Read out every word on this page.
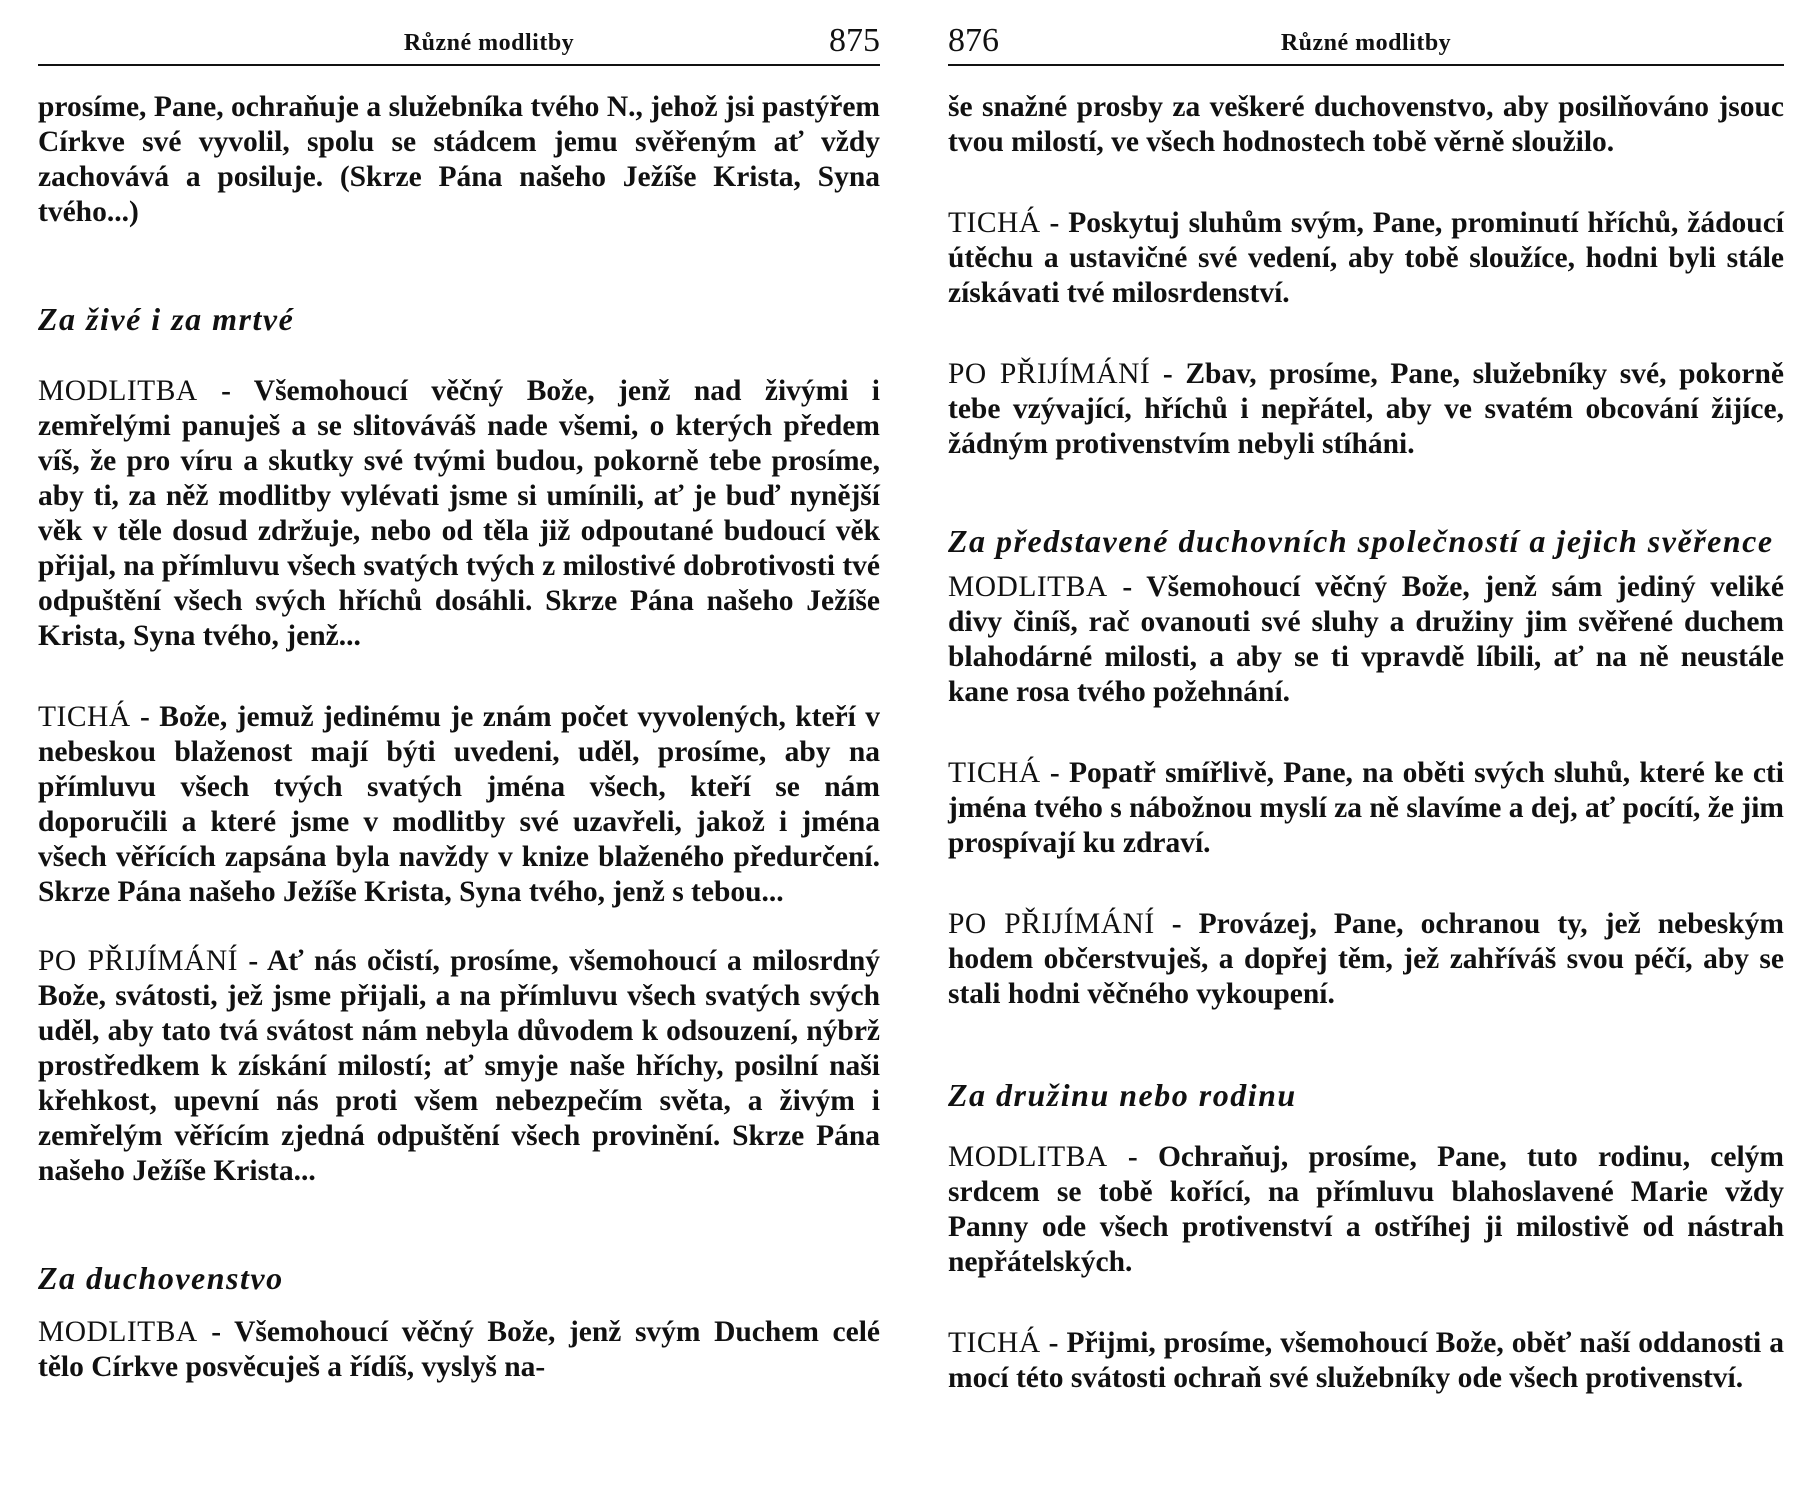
Různé modlitby	875

prosíme, Pane, ochraňuje a služebníka tvého N., jehož jsi pastýřem Církve své vyvolil, spolu se stádcem jemu svěřeným ať vždy zachovává a posiluje. (Skrze Pána našeho Ježíše Krista, Syna tvého...)

Za živé i za mrtvé

MODLITBA - Všemohoucí věčný Bože, jenž nad živými i zemřelými panuješ a se slitováváš nade všemi, o kterých předem víš, že pro víru a skutky své tvými budou, pokorně tebe prosíme, aby ti, za něž modlitby vylévati jsme si umínili, ať je buď nynější věk v těle dosud zdržuje, nebo od těla již odpoutané budoucí věk přijal, na přímluvu všech svatých tvých z milostivé dobrotivosti tvé odpuštění všech svých hříchů dosáhli. Skrze Pána našeho Ježíše Krista, Syna tvého, jenž...

TICHÁ - Bože, jemuž jedinému je znám počet vyvolených, kteří v nebeskou blaženost mají býti uvedeni, uděl, prosíme, aby na přímluvu všech tvých svatých jména všech, kteří se nám doporučili a které jsme v modlitby své uzavřeli, jakož i jména všech věřících zapsána byla navždy v knize blaženého předurčení. Skrze Pána našeho Ježíše Krista, Syna tvého, jenž s tebou...

PO PŘIJÍMÁNÍ - Ať nás očistí, prosíme, všemohoucí a milosrdný Bože, svátosti, jež jsme přijali, a na přímluvu všech svatých svých uděl, aby tato tvá svátost nám nebyla důvodem k odsouzení, nýbrž prostředkem k získání milostí; ať smyje naše hříchy, posilní naši křehkost, upevní nás proti všem nebezpečím světa, a živým i zemřelým věřícím zjedná odpuštění všech provinění. Skrze Pána našeho Ježíše Krista...

Za duchovenstvo

MODLITBA - Všemohoucí věčný Bože, jenž svým Duchem celé tělo Církve posvěcuješ a řídíš, vyslyš na-

876	Různé modlitby

še snažné prosby za veškeré duchovenstvo, aby posilňováno jsouc tvou milostí, ve všech hodnostech tobě věrně sloužilo.

TICHÁ - Poskytuj sluhům svým, Pane, prominutí hříchů, žádoucí útěchu a ustavičné své vedení, aby tobě sloužíce, hodni byli stále získávati tvé milosrdenství.

PO PŘIJÍMÁNÍ - Zbav, prosíme, Pane, služebníky své, pokorně tebe vzývající, hříchů i nepřátel, aby ve svatém obcování žijíce, žádným protivenstvím nebyli stíháni.

Za představené duchovních společností a jejich svěřence

MODLITBA - Všemohoucí věčný Bože, jenž sám jediný veliké divy činíš, rač ovanouti své sluhy a družiny jim svěřené duchem blahodárné milosti, a aby se ti vpravdě líbili, ať na ně neustále kane rosa tvého požehnání.

TICHÁ - Popatř smířlivě, Pane, na oběti svých sluhů, které ke cti jména tvého s nábožnou myslí za ně slavíme a dej, ať pocítí, že jim prospívají ku zdraví.

PO PŘIJÍMÁNÍ - Provázej, Pane, ochranou ty, jež nebeským hodem občerstvuješ, a dopřej těm, jež zahříváš svou péčí, aby se stali hodni věčného vykoupení.

Za družinu nebo rodinu

MODLITBA - Ochraňuj, prosíme, Pane, tuto rodinu, celým srdcem se tobě kořící, na přímluvu blahoslavené Marie vždy Panny ode všech protivenství a ostříhej ji milostivě od nástrah nepřátelských.

TICHÁ - Přijmi, prosíme, všemohoucí Bože, oběť naší oddanosti a mocí této svátosti ochraň své služebníky ode všech protivenství.
